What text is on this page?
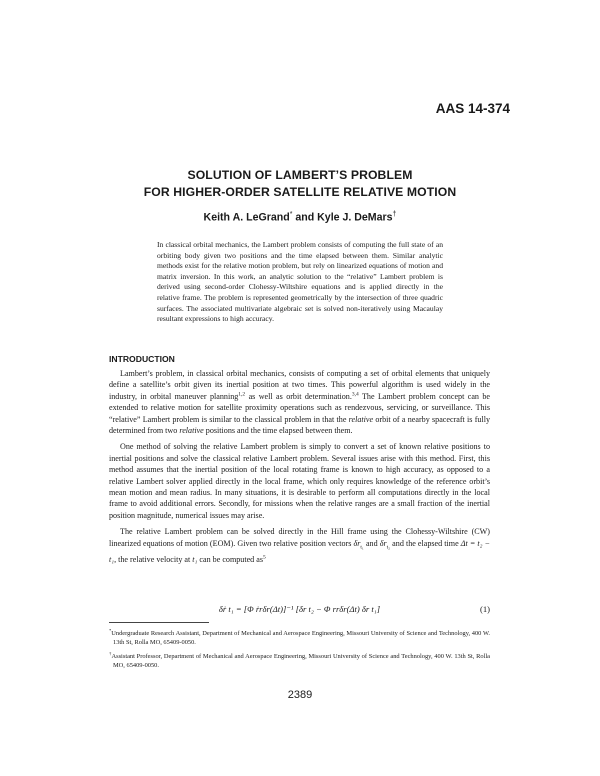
AAS 14-374
SOLUTION OF LAMBERT’S PROBLEM
FOR HIGHER-ORDER SATELLITE RELATIVE MOTION
Keith A. LeGrand* and Kyle J. DeMars†

In classical orbital mechanics, the Lambert problem consists of computing the full state of an orbiting body given two positions and the time elapsed between them. Similar analytic methods exist for the relative motion problem, but rely on linearized equations of motion and matrix inversion. In this work, an analytic solution to the “relative” Lambert problem is derived using second-order Clohessy-Wiltshire equations and is applied directly in the relative frame. The problem is represented geometrically by the intersection of three quadric surfaces. The associated multivariate algebraic set is solved non-iteratively using Macaulay resultant expressions to high accuracy.

INTRODUCTION

Lambert’s problem, in classical orbital mechanics, consists of computing a set of orbital elements that uniquely define a satellite’s orbit given its inertial position at two times. This powerful algorithm is used widely in the industry, in orbital maneuver planning$^{1,2}$ as well as orbit determination.$^{3,4}$ The Lambert problem concept can be extended to relative motion for satellite proximity operations such as rendezvous, servicing, or surveillance. This “relative” Lambert problem is similar to the classical problem in that the relative orbit of a nearby spacecraft is fully determined from two relative positions and the time elapsed between them.

One method of solving the relative Lambert problem is simply to convert a set of known relative positions to inertial positions and solve the classical relative Lambert problem. Several issues arise with this method. First, this method assumes that the inertial position of the local rotating frame is known to high accuracy, as opposed to a relative Lambert solver applied directly in the local frame, which only requires knowledge of the reference orbit’s mean motion and mean radius. In many situations, it is desirable to perform all computations directly in the local frame to avoid additional errors. Secondly, for missions when the relative ranges are a small fraction of the inertial position magnitude, numerical issues may arise.

The relative Lambert problem can be solved directly in the Hill frame using the Clohessy-Wiltshire (CW) linearized equations of motion (EOM). Given two relative position vectors $\delta r_{t_1}$ and $\delta r_{t_2}$ and the elapsed time Δt = t₂ − t₁, the relative velocity at t₁ can be computed $as^5$

δṙ t₁ = [Φ ṙrδr(Δt)]⁻¹ [δr t₂ − Φ rrδr(Δt) δr t₁]	(1)

*Undergraduate Research Assistant, Department of Mechanical and Aerospace Engineering, Missouri University of Science and Technology, 400 W. 13th St, Rolla MO, 65409-0050.

†Assistant Professor, Department of Mechanical and Aerospace Engineering, Missouri University of Science and Technology, 400 W. 13th St, Rolla MO, 65409-0050.

2389
